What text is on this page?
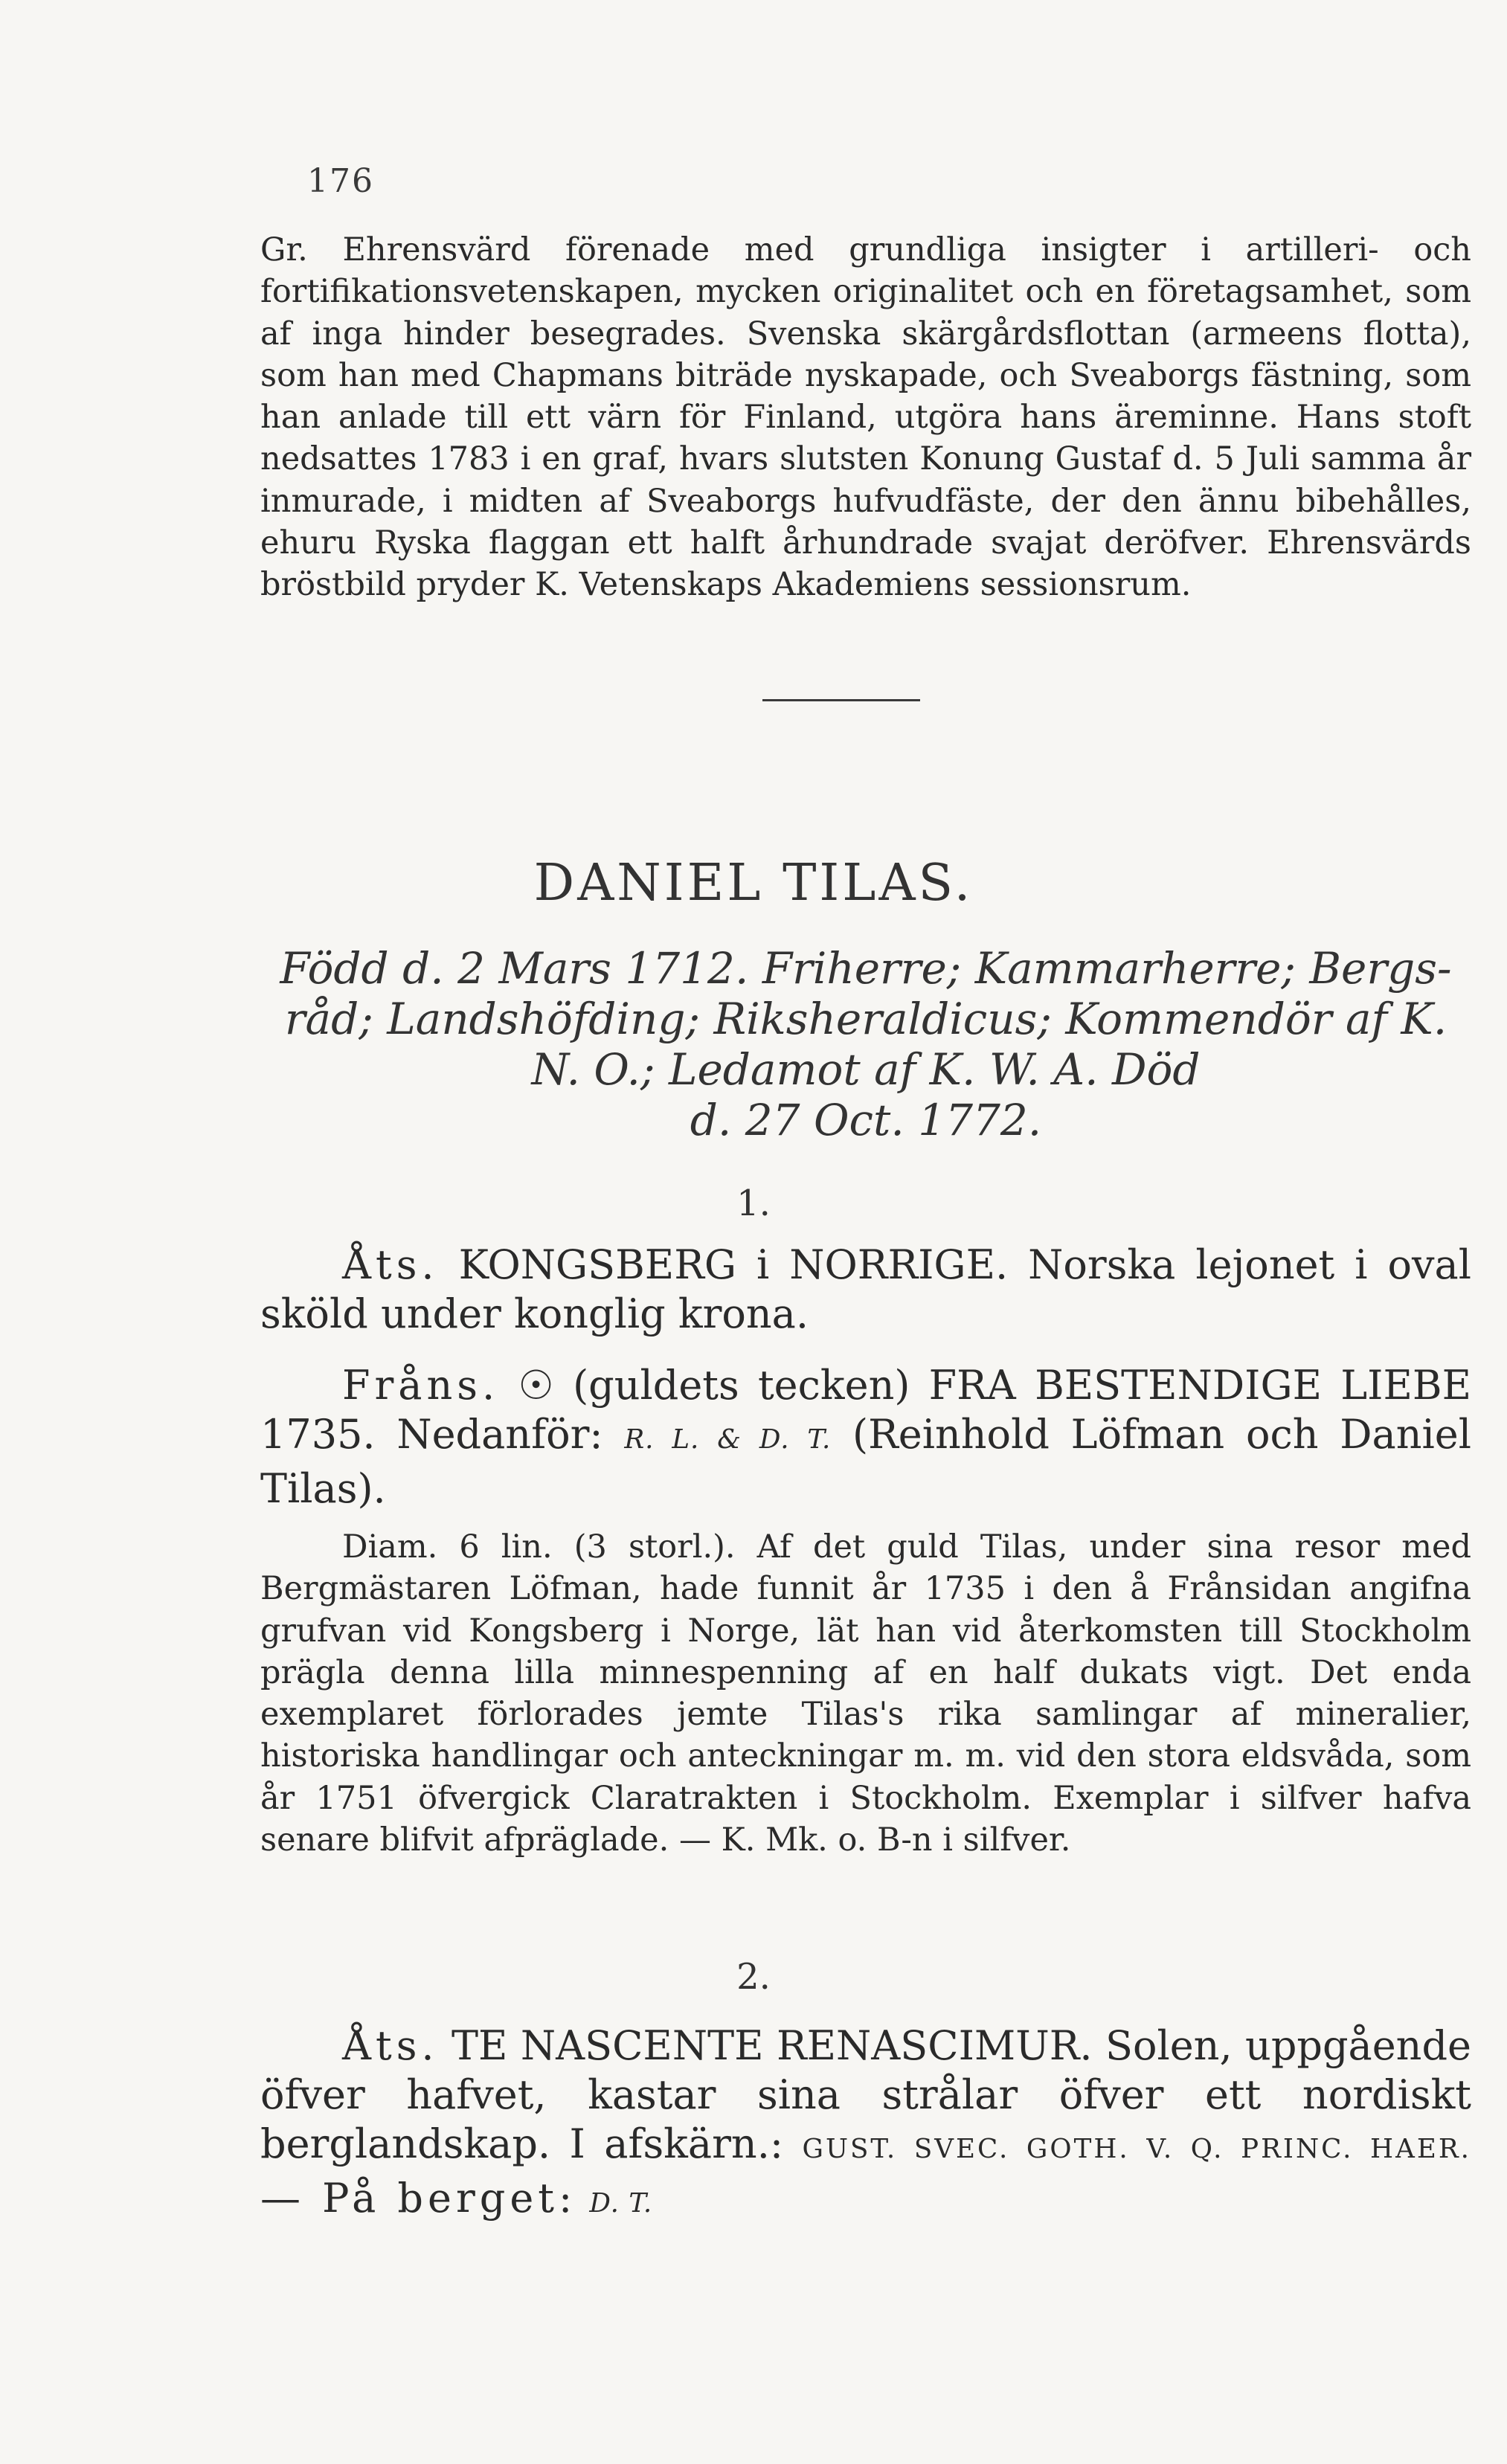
176

Gr. Ehrensvärd förenade med grundliga insigter i artilleri- och fortifikationsvetenskapen, mycken originalitet och en företagsamhet, som af inga hinder besegrades. Svenska skärgårdsflottan (armeens flotta), som han med Chapmans biträde nyskapade, och Sveaborgs fästning, som han anlade till ett värn för Finland, utgöra hans äreminne. Hans stoft nedsattes 1783 i en graf, hvars slutsten Konung Gustaf d. 5 Juli samma år inmurade, i midten af Sveaborgs hufvudfäste, der den ännu bibehålles, ehuru Ryska flaggan ett halft århundrade svajat deröfver. Ehrensvärds bröstbild pryder K. Vetenskaps Akademiens sessionsrum.

DANIEL TILAS.
Född d. 2 Mars 1712. Friherre; Kammarherre; Bergs-
råd; Landshöfding; Riksheraldicus; Kommendör af K.
N. O.; Ledamot af K. W. A. Död
d. 27 Oct. 1772.
1.

Åts. KONGSBERG i NORRIGE. Norska lejonet i oval sköld under konglig krona.

Fråns. ☉ (guldets tecken) FRA BESTENDIGE LIEBE 1735. Nedanför: R. L. & D. T. (Reinhold Löfman och Daniel Tilas).

Diam. 6 lin. (3 storl.). Af det guld Tilas, under sina resor med Bergmästaren Löfman, hade funnit år 1735 i den å Frånsidan angifna grufvan vid Kongsberg i Norge, lät han vid återkomsten till Stockholm prägla denna lilla minnespenning af en half dukats vigt. Det enda exemplaret förlorades jemte Tilas's rika samlingar af mineralier, historiska handlingar och anteckningar m. m. vid den stora eldsvåda, som år 1751 öfvergick Claratrakten i Stockholm. Exemplar i silfver hafva senare blifvit afpräglade. — K. Mk. o. B-n i silfver.

2.

Åts. TE NASCENTE RENASCIMUR. Solen, uppgående öfver hafvet, kastar sina strålar öfver ett nordiskt berglandskap. I afskärn.: GUST. SVEC. GOTH. V. Q. PRINC. HAER. — På berget: D. T.
